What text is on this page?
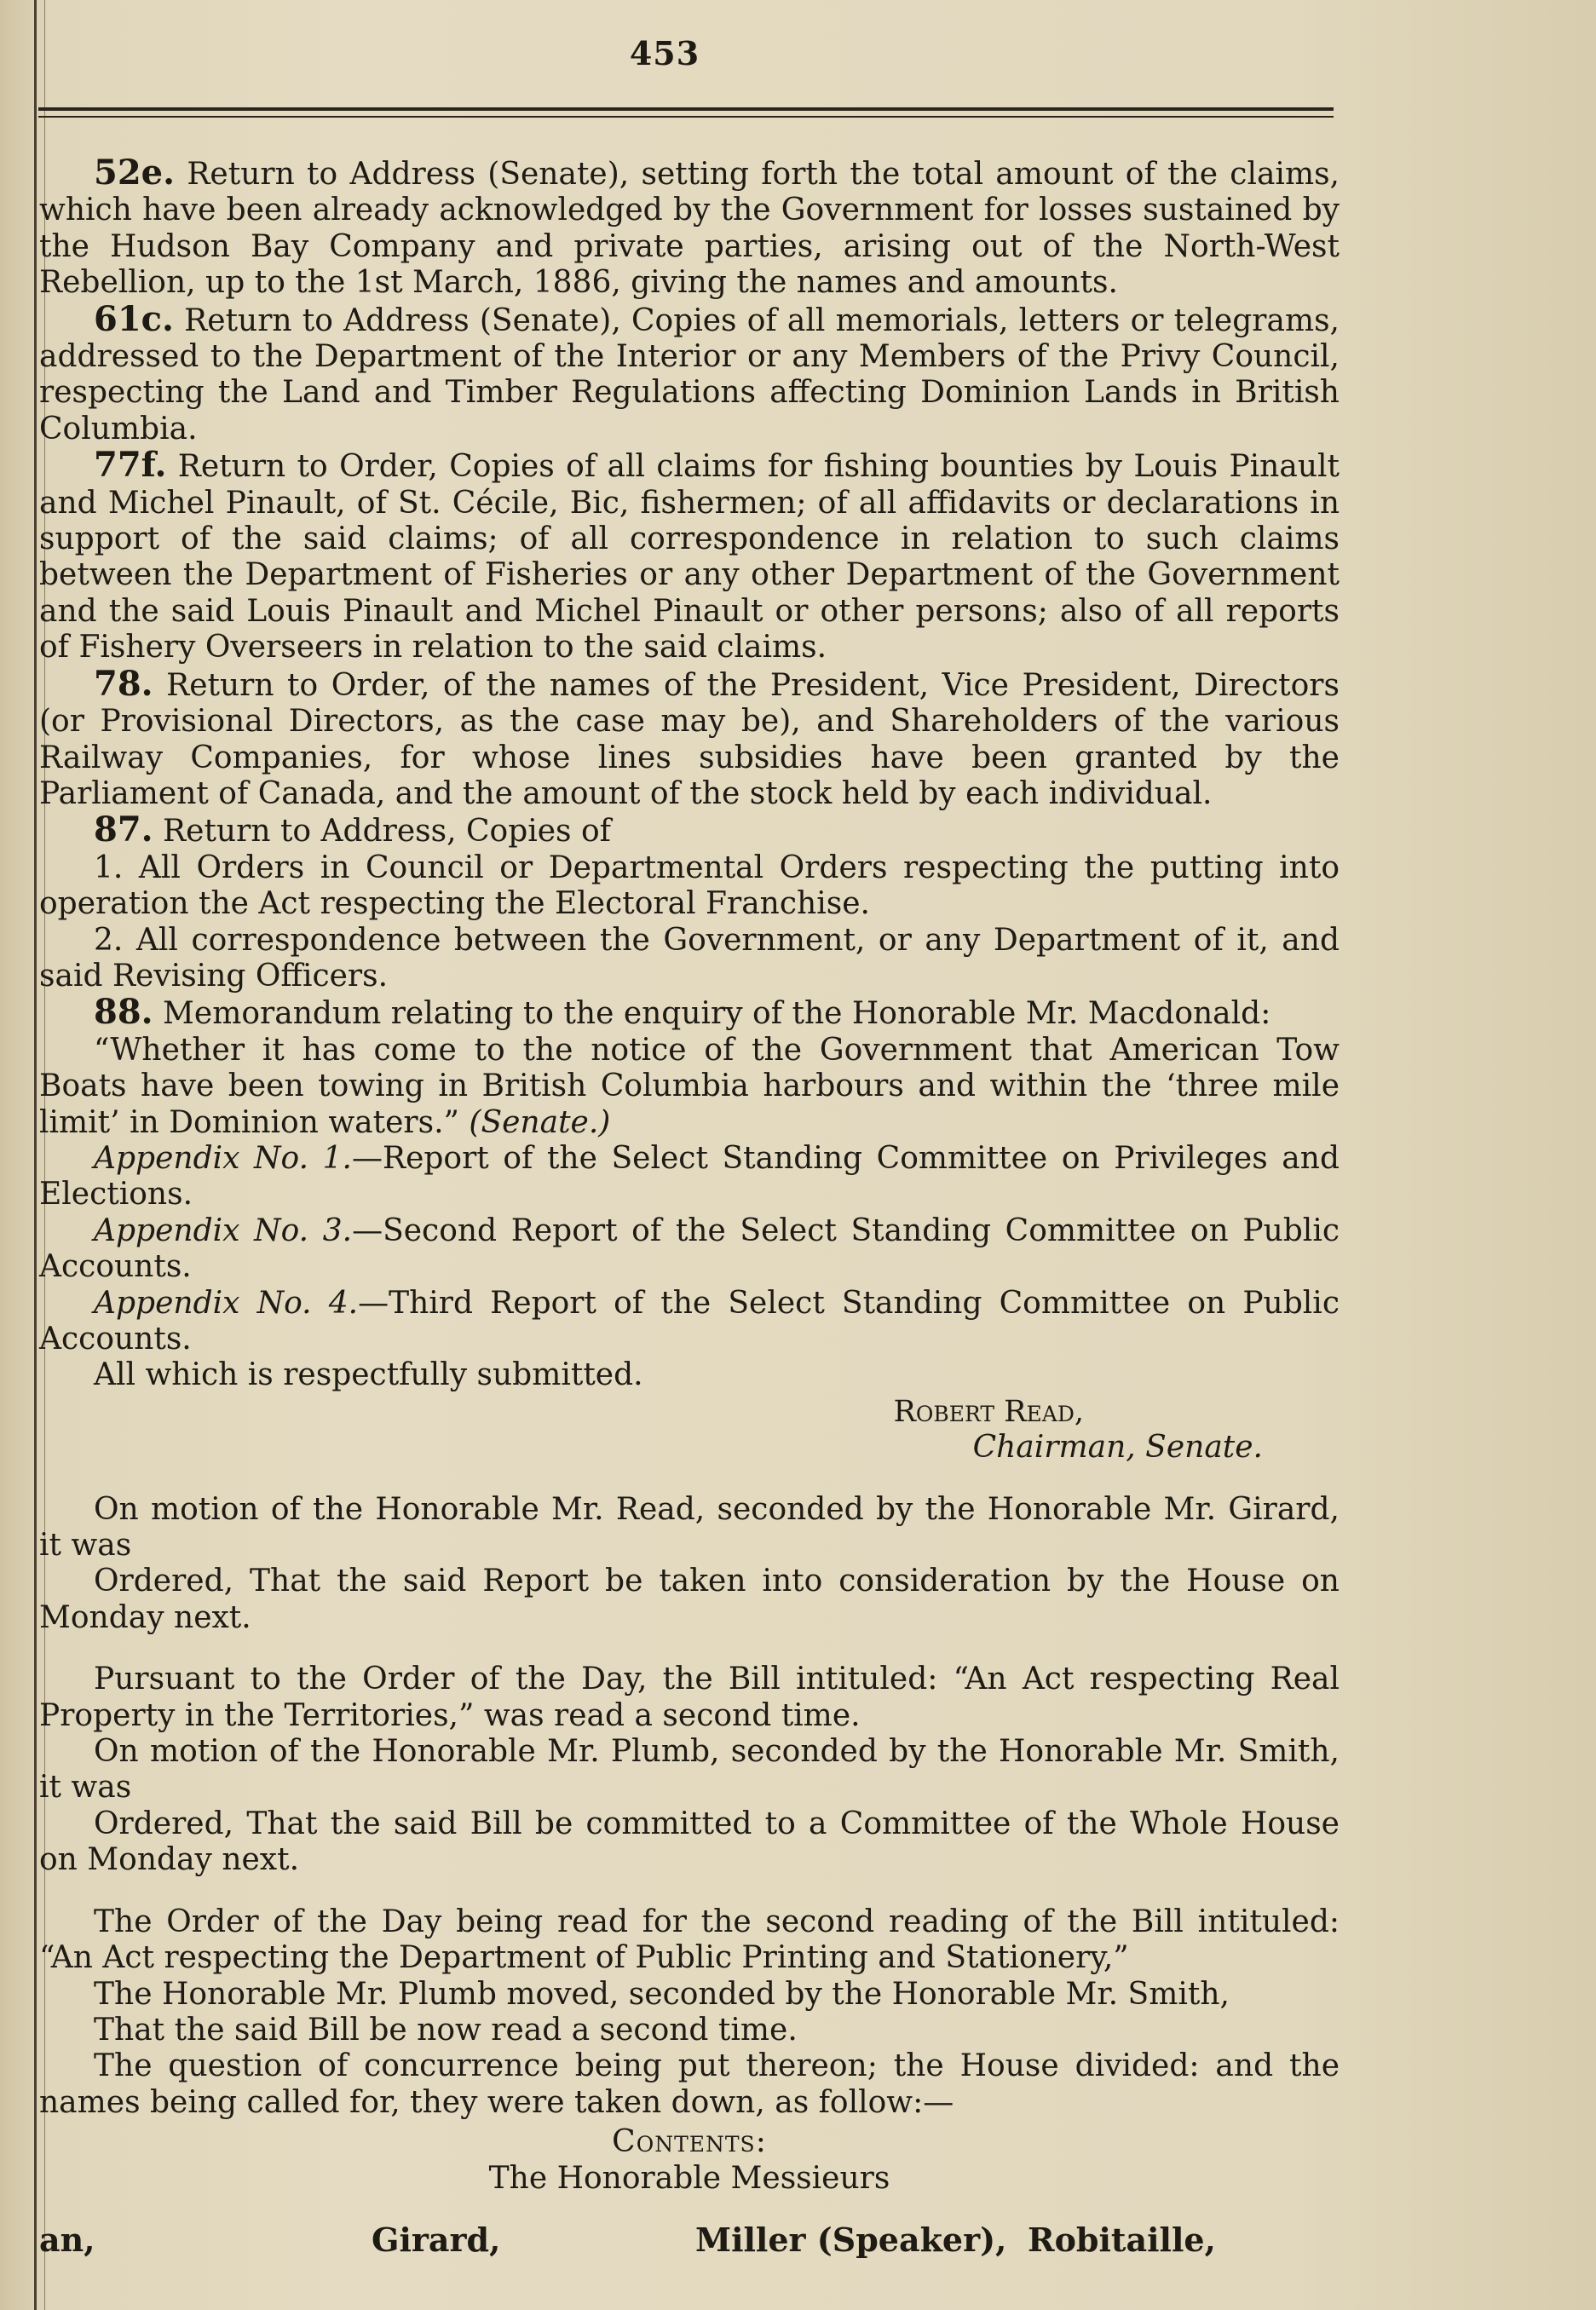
453

52e. Return to Address (Senate), setting forth the total amount of the claims, which have been already acknowledged by the Government for losses sustained by the Hudson Bay Company and private parties, arising out of the North-West Rebellion, up to the 1st March, 1886, giving the names and amounts.

61c. Return to Address (Senate), Copies of all memorials, letters or telegrams, addressed to the Department of the Interior or any Members of the Privy Council, respecting the Land and Timber Regulations affecting Dominion Lands in British Columbia.

77f. Return to Order, Copies of all claims for fishing bounties by Louis Pinault and Michel Pinault, of St. Cécile, Bic, fishermen; of all affidavits or declarations in support of the said claims; of all correspondence in relation to such claims between the Department of Fisheries or any other Department of the Government and the said Louis Pinault and Michel Pinault or other persons; also of all reports of Fishery Overseers in relation to the said claims.

78. Return to Order, of the names of the President, Vice President, Directors (or Provisional Directors, as the case may be), and Shareholders of the various Railway Companies, for whose lines subsidies have been granted by the Parliament of Canada, and the amount of the stock held by each individual.

87. Return to Address, Copies of

1. All Orders in Council or Departmental Orders respecting the putting into operation the Act respecting the Electoral Franchise.

2. All correspondence between the Government, or any Department of it, and said Revising Officers.

88. Memorandum relating to the enquiry of the Honorable Mr. Macdonald:

“Whether it has come to the notice of the Government that American Tow Boats have been towing in British Columbia harbours and within the ‘three mile limit’ in Dominion waters.” (Senate.)

Appendix No. 1.—Report of the Select Standing Committee on Privileges and Elections.

Appendix No. 3.—Second Report of the Select Standing Committee on Public Accounts.

Appendix No. 4.—Third Report of the Select Standing Committee on Public Accounts.

All which is respectfully submitted.

Robert Read,

Chairman, Senate.

On motion of the Honorable Mr. Read, seconded by the Honorable Mr. Girard, it was

Ordered, That the said Report be taken into consideration by the House on Monday next.

Pursuant to the Order of the Day, the Bill intituled: “An Act respecting Real Property in the Territories,” was read a second time.

On motion of the Honorable Mr. Plumb, seconded by the Honorable Mr. Smith, it was

Ordered, That the said Bill be committed to a Committee of the Whole House on Monday next.

The Order of the Day being read for the second reading of the Bill intituled: “An Act respecting the Department of Public Printing and Stationery,”

The Honorable Mr. Plumb moved, seconded by the Honorable Mr. Smith,

That the said Bill be now read a second time.

The question of concurrence being put thereon; the House divided: and the names being called for, they were taken down, as follow:—

Contents:

The Honorable Messieurs

an,	Girard,	Miller (Speaker), Robitaille,
